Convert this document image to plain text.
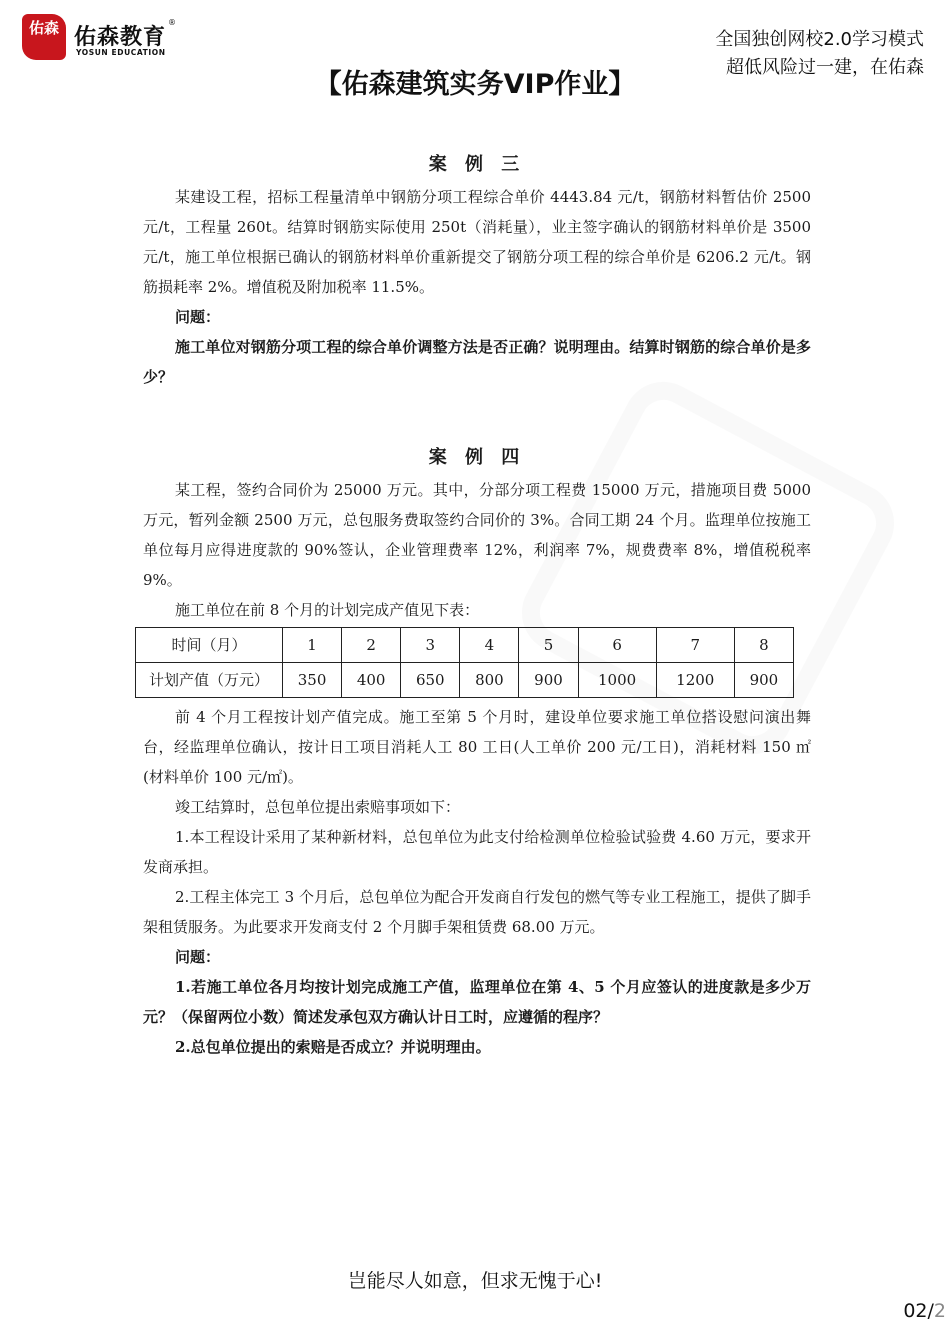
佑森 佑森教育
®
YOSUN EDUCATION
全国独创网校2.0学习模式
超低风险过一建，在佑森
【佑森建筑实务VIP作业】
案 例 三

某建设工程，招标工程量清单中钢筋分项工程综合单价 4443.84 元/t，钢筋材料暂估价 2500 元/t，工程量 260t。结算时钢筋实际使用 250t（消耗量），业主签字确认的钢筋材料单价是 3500 元/t，施工单位根据已确认的钢筋材料单价重新提交了钢筋分项工程的综合单价是 6206.2 元/t。钢筋损耗率 2%。增值税及附加税率 11.5%。

问题：

施工单位对钢筋分项工程的综合单价调整方法是否正确？说明理由。结算时钢筋的综合单价是多少？

案 例 四

某工程，签约合同价为 25000 万元。其中，分部分项工程费 15000 万元，措施项目费 5000 万元，暂列金额 2500 万元，总包服务费取签约合同价的 3%。合同工期 24 个月。监理单位按施工单位每月应得进度款的 90%签认，企业管理费率 12%，利润率 7%，规费费率 8%，增值税税率 9%。

施工单位在前 8 个月的计划完成产值见下表：

时间（月）	1	2	3	4	5	6	7	8
计划产值（万元）	350	400	650	800	900	1000	1200	900

前 4 个月工程按计划产值完成。施工至第 5 个月时，建设单位要求施工单位搭设慰问演出舞台，经监理单位确认，按计日工项目消耗人工 80 工日(人工单价 200 元/工日)，消耗材料 150 ㎡ (材料单价 100 元/㎡)。

竣工结算时，总包单位提出索赔事项如下：

1.本工程设计采用了某种新材料，总包单位为此支付给检测单位检验试验费 4.60 万元，要求开发商承担。

2.工程主体完工 3 个月后，总包单位为配合开发商自行发包的燃气等专业工程施工，提供了脚手架租赁服务。为此要求开发商支付 2 个月脚手架租赁费 68.00 万元。

问题：

1.若施工单位各月均按计划完成施工产值，监理单位在第 4、5 个月应签认的进度款是多少万元？（保留两位小数）简述发承包双方确认计日工时，应遵循的程序？

2.总包单位提出的索赔是否成立？并说明理由。

岂能尽人如意，但求无愧于心!
02/2
